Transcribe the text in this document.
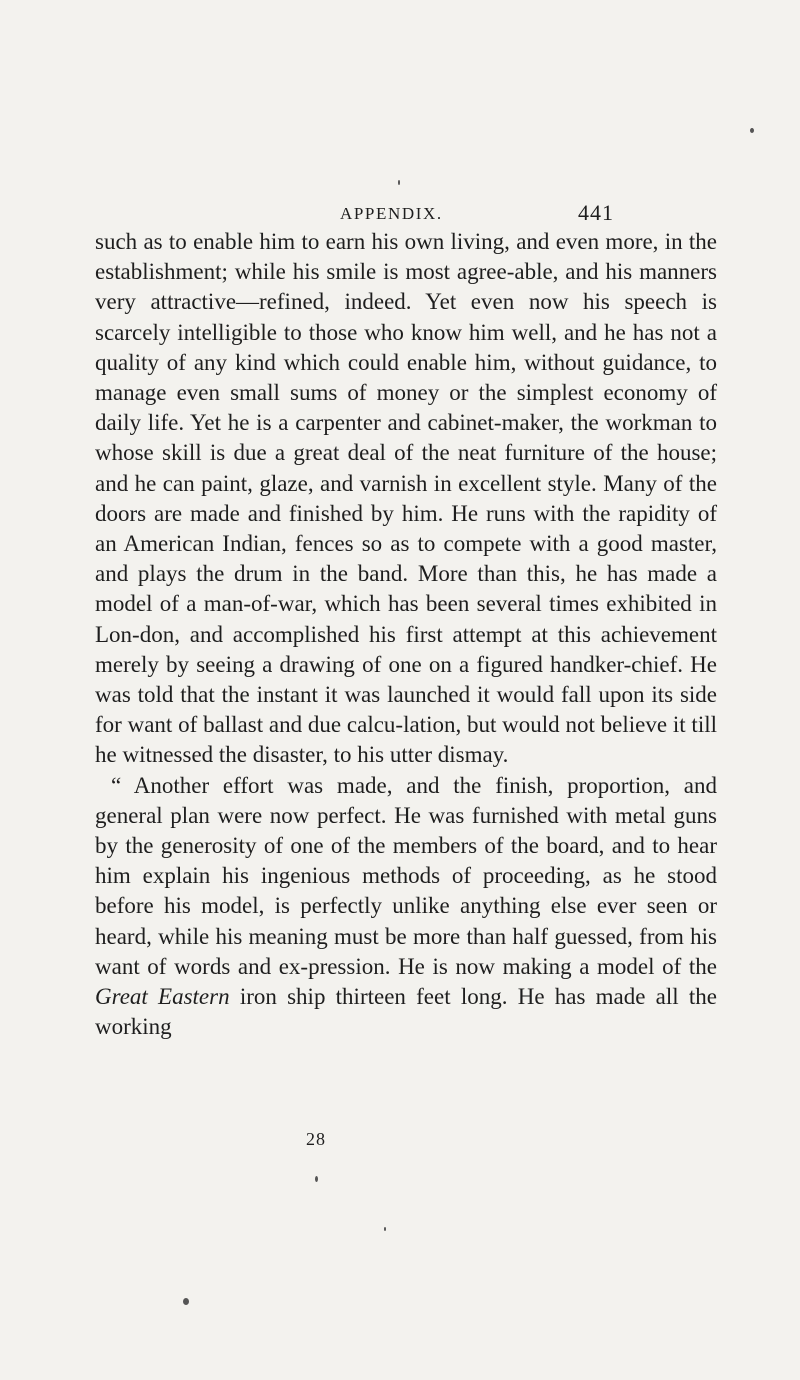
APPENDIX.	441

such as to enable him to earn his own living, and even more, in the establishment; while his smile is most agree-able, and his manners very attractive—refined, indeed. Yet even now his speech is scarcely intelligible to those who know him well, and he has not a quality of any kind which could enable him, without guidance, to manage even small sums of money or the simplest economy of daily life. Yet he is a carpenter and cabinet-maker, the workman to whose skill is due a great deal of the neat furniture of the house; and he can paint, glaze, and varnish in excellent style. Many of the doors are made and finished by him. He runs with the rapidity of an American Indian, fences so as to compete with a good master, and plays the drum in the band. More than this, he has made a model of a man-of-war, which has been several times exhibited in Lon-don, and accomplished his first attempt at this achievement merely by seeing a drawing of one on a figured handker-chief. He was told that the instant it was launched it would fall upon its side for want of ballast and due calcu-lation, but would not believe it till he witnessed the disaster, to his utter dismay.

“ Another effort was made, and the finish, proportion, and general plan were now perfect. He was furnished with metal guns by the generosity of one of the members of the board, and to hear him explain his ingenious methods of proceeding, as he stood before his model, is perfectly unlike anything else ever seen or heard, while his meaning must be more than half guessed, from his want of words and ex-pression. He is now making a model of the Great Eastern iron ship thirteen feet long. He has made all the working

28
